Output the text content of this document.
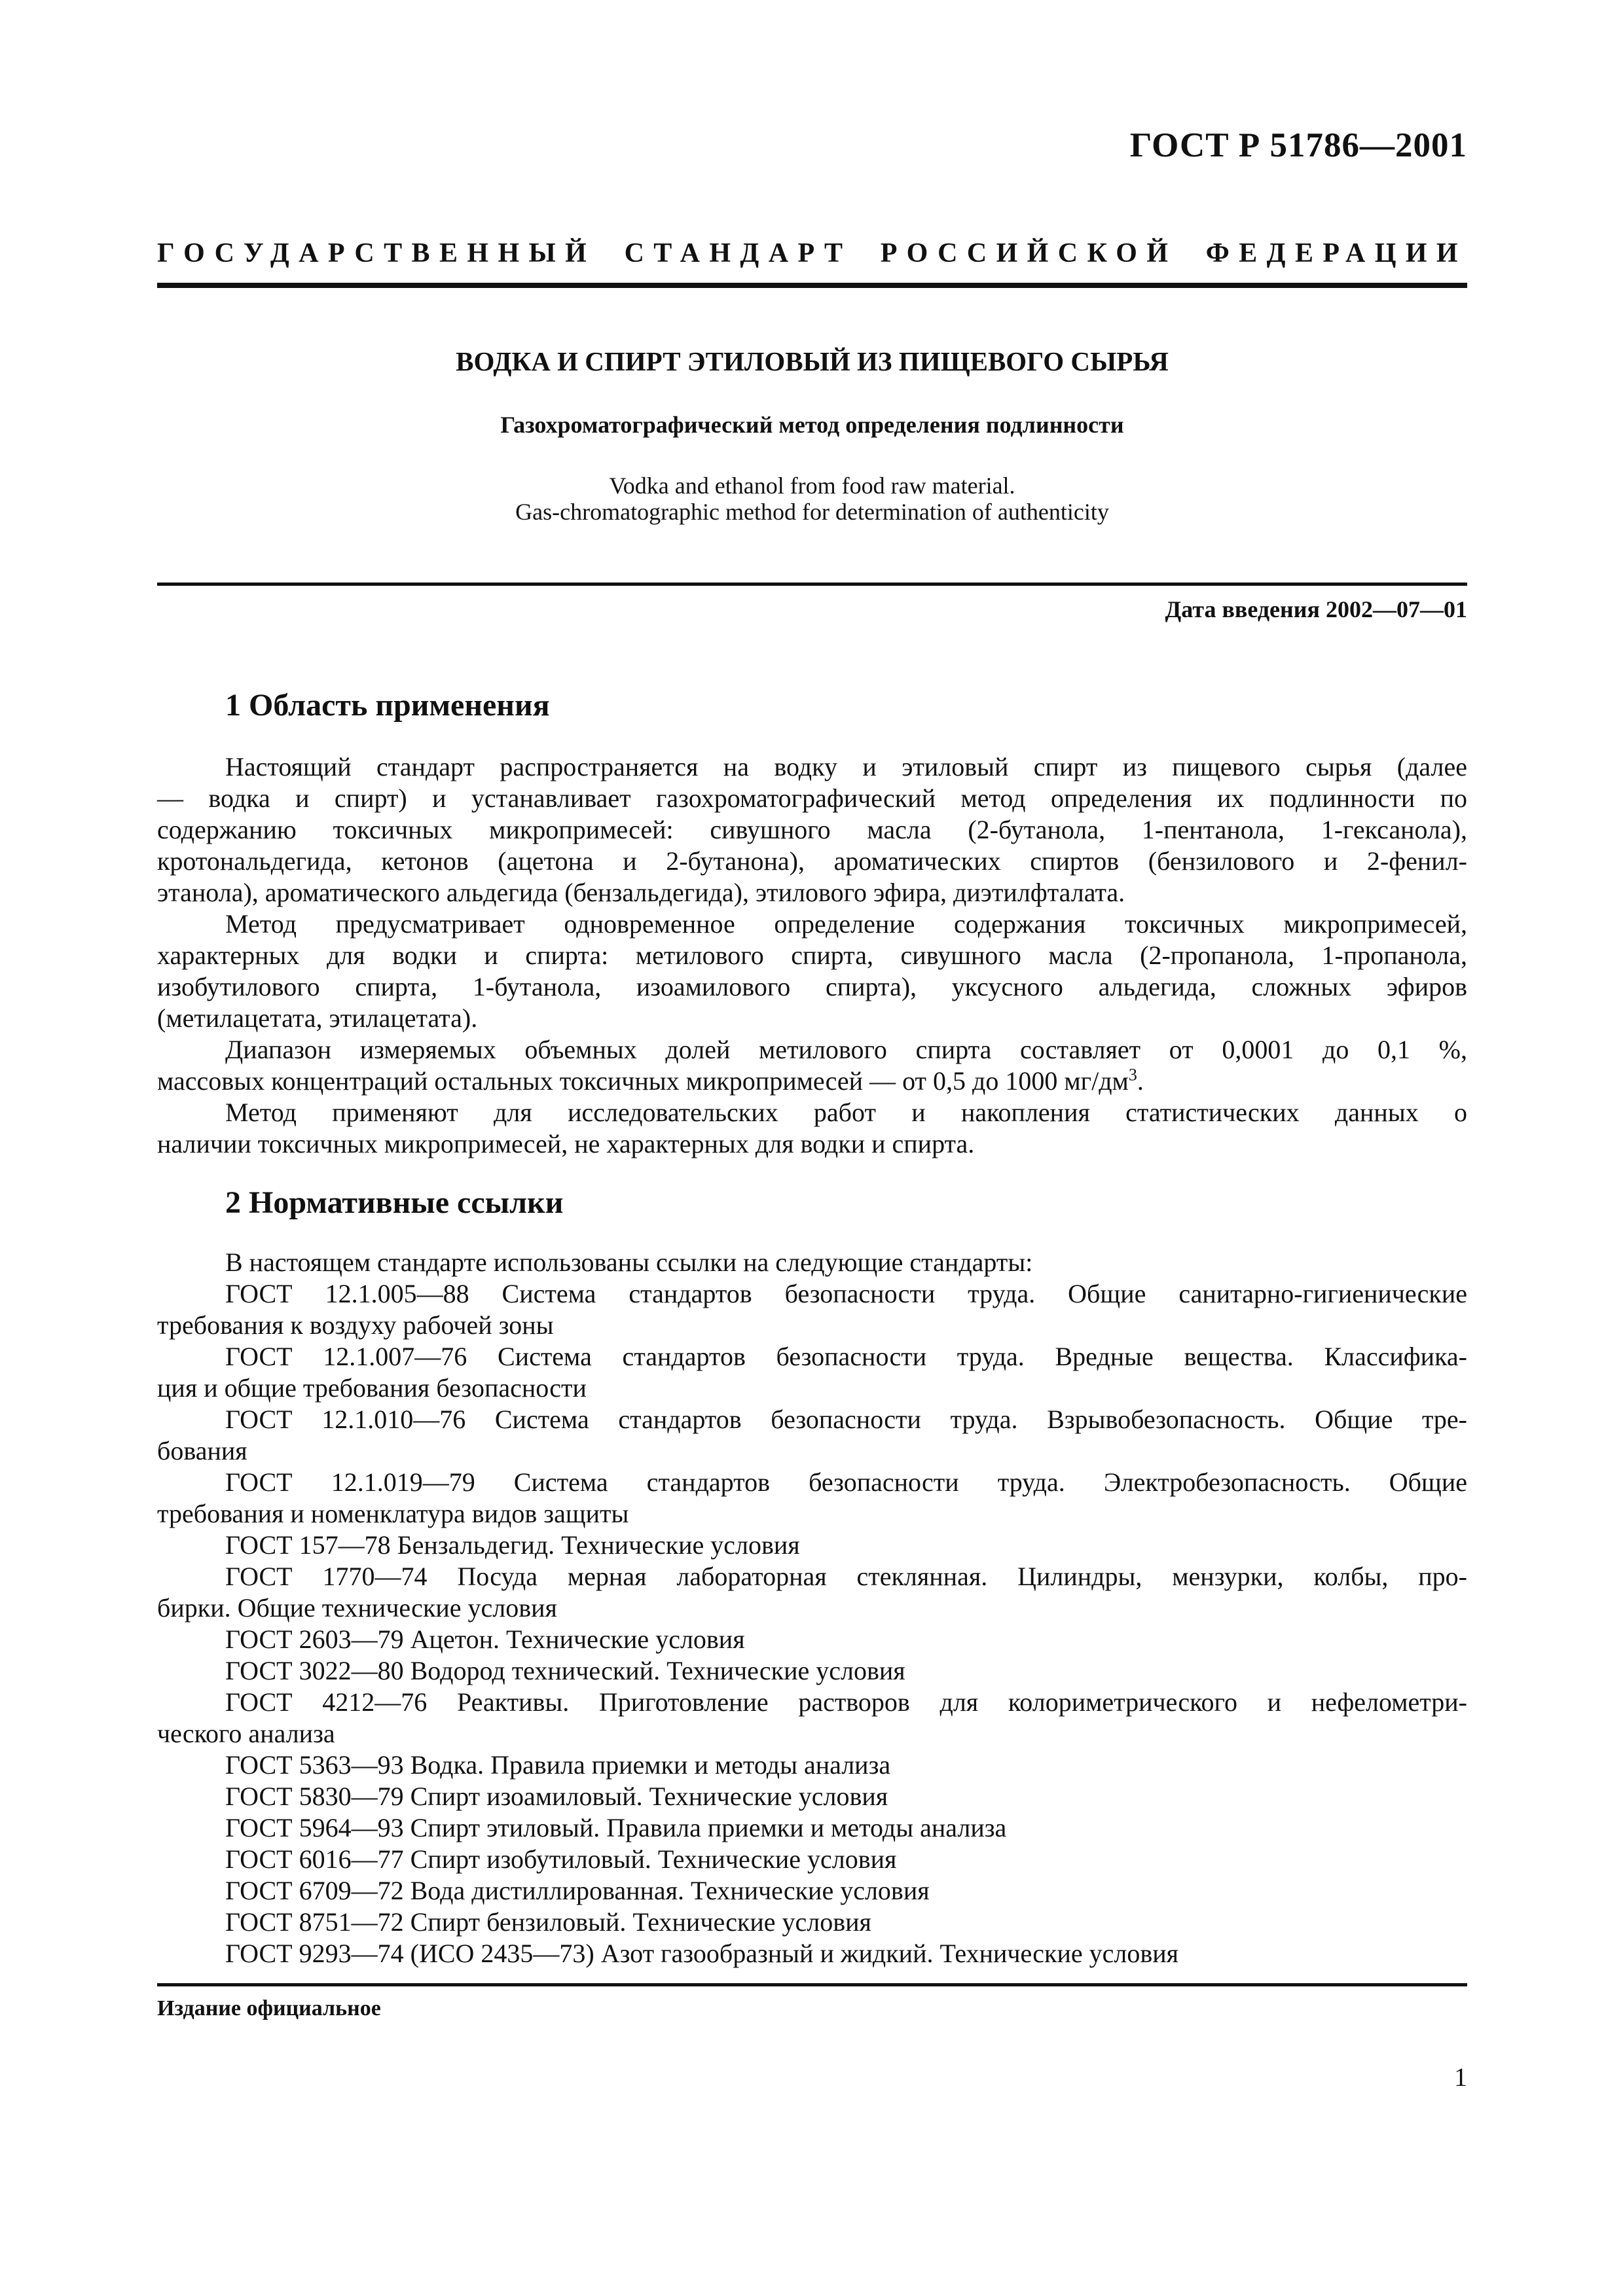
ГОСТ Р 51786—2001
ГОСУДАРСТВЕННЫЙ СТАНДАРТ РОССИЙСКОЙ ФЕДЕРАЦИИ
ВОДКА И СПИРТ ЭТИЛОВЫЙ ИЗ ПИЩЕВОГО СЫРЬЯ
Газохроматографический метод определения подлинности
Vodka and ethanol from food raw material.
Gas-chromatographic method for determination of authenticity
Дата введения 2002—07—01
1 Область применения
Настоящий стандарт распространяется на водку и этиловый спирт из пищевого сырья (далее
— водка и спирт) и устанавливает газохроматографический метод определения их подлинности по
содержанию токсичных микропримесей: сивушного масла (2-бутанола, 1-пентанола, 1-гексанола),
кротональдегида, кетонов (ацетона и 2-бутанона), ароматических спиртов (бензилового и 2-фенил-
этанола), ароматического альдегида (бензальдегида), этилового эфира, диэтилфталата.
Метод предусматривает одновременное определение содержания токсичных микропримесей,
характерных для водки и спирта: метилового спирта, сивушного масла (2-пропанола, 1-пропанола,
изобутилового спирта, 1-бутанола, изоамилового спирта), уксусного альдегида, сложных эфиров
(метилацетата, этилацетата).
Диапазон измеряемых объемных долей метилового спирта составляет от 0,0001 до 0,1 %,
массовых концентраций остальных токсичных микропримесей — от 0,5 до 1000 $мг/дм^3$.
Метод применяют для исследовательских работ и накопления статистических данных о
наличии токсичных микропримесей, не характерных для водки и спирта.
2 Нормативные ссылки
В настоящем стандарте использованы ссылки на следующие стандарты:
ГОСТ 12.1.005—88 Система стандартов безопасности труда. Общие санитарно-гигиенические
требования к воздуху рабочей зоны
ГОСТ 12.1.007—76 Система стандартов безопасности труда. Вредные вещества. Классифика-
ция и общие требования безопасности
ГОСТ 12.1.010—76 Система стандартов безопасности труда. Взрывобезопасность. Общие тре-
бования
ГОСТ 12.1.019—79 Система стандартов безопасности труда. Электробезопасность. Общие
требования и номенклатура видов защиты
ГОСТ 157—78 Бензальдегид. Технические условия
ГОСТ 1770—74 Посуда мерная лабораторная стеклянная. Цилиндры, мензурки, колбы, про-
бирки. Общие технические условия
ГОСТ 2603—79 Ацетон. Технические условия
ГОСТ 3022—80 Водород технический. Технические условия
ГОСТ 4212—76 Реактивы. Приготовление растворов для колориметрического и нефелометри-
ческого анализа
ГОСТ 5363—93 Водка. Правила приемки и методы анализа
ГОСТ 5830—79 Спирт изоамиловый. Технические условия
ГОСТ 5964—93 Спирт этиловый. Правила приемки и методы анализа
ГОСТ 6016—77 Спирт изобутиловый. Технические условия
ГОСТ 6709—72 Вода дистиллированная. Технические условия
ГОСТ 8751—72 Спирт бензиловый. Технические условия
ГОСТ 9293—74 (ИСО 2435—73) Азот газообразный и жидкий. Технические условия
Издание официальное
1
